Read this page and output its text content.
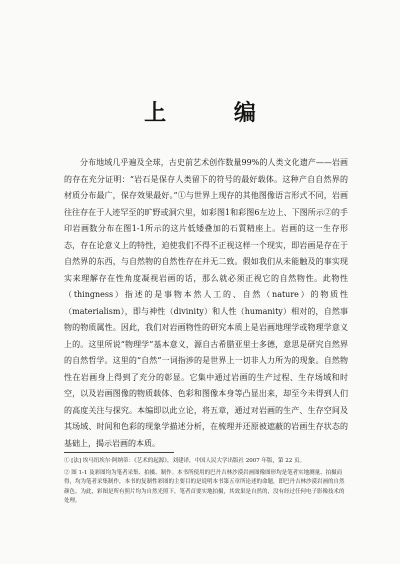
上 编

分布地域几乎遍及全球，古史前艺术创作数量99%的人类文化遗产——岩画的存在充分证明：“岩石是保存人类留下的符号的最好载体。这种产自自然界的材质分布最广，保存效果最好。”①与世界上现存的其他图像语言形式不同，岩画往往存在于人迹罕至的旷野或洞穴里，如彩图1和彩图6左边上、下图所示②的手印岩画数分布在图1-1所示的这片低矮叠加的石質精座上。岩画的这一生存形态，存在论意义上的特性，迫使我们不得不正视这样一个现实，即岩画是存在于自然界的东西，与自然物的自然性存在并无二致。假如我们从未能触及的事实现实来理解存在性角度凝视岩画的话，那么就必须正视它的自然物性。此物性（thingness）指述的是事物本然人工的、自然（nature）的物质性（materialism），即与神性（divinity）和人性（humanity）相对的，自然事物的物质属性。因此，我们对岩画物性的研究本质上是岩画地理学或物理学意义上的。这里所说“物理学”基本意义，源自古希腊亚里士多德，意思是研究自然界的自然哲学。这里的“自然”一词指涉的是世界上一切非人力所为的现象。自然物性在岩画身上得到了充分的彰显。它集中通过岩画的生产过程、生存场域和时空，以及岩画图像的物质载体、色彩和图像本身等凸显出来，却至今未得到人们的高度关注与探究。本编即以此立论，将五章，通过对岩画的生产、生存空间及其场域、时间和色彩的现象学描述分析，在梳理并还原被遮蔽的岩画生存状态的基础上，揭示岩画的本质。

① [法] 埃马纽埃尔·阿纳蒂：《艺术的起源》，刘建译，中国人民大学出版社 2007 年版，第 22 页。

② 图 1-1 及彩图均为笔者采集、拍摄、制作。本书所使用的巴丹吉林沙漠岩画图像图形均是笔者实地测量、拍摄而得，均为笔者采集制作，本书的复制性彩图的主要目的是说明本书第五章所论述的命题，即巴丹吉林沙漠岩画的自然颜色。为此，彩图是所有照片均为自然光照下，笔者首要实地拍摄，其效果是自然的，没有经过任何电子影像技术的处理。
